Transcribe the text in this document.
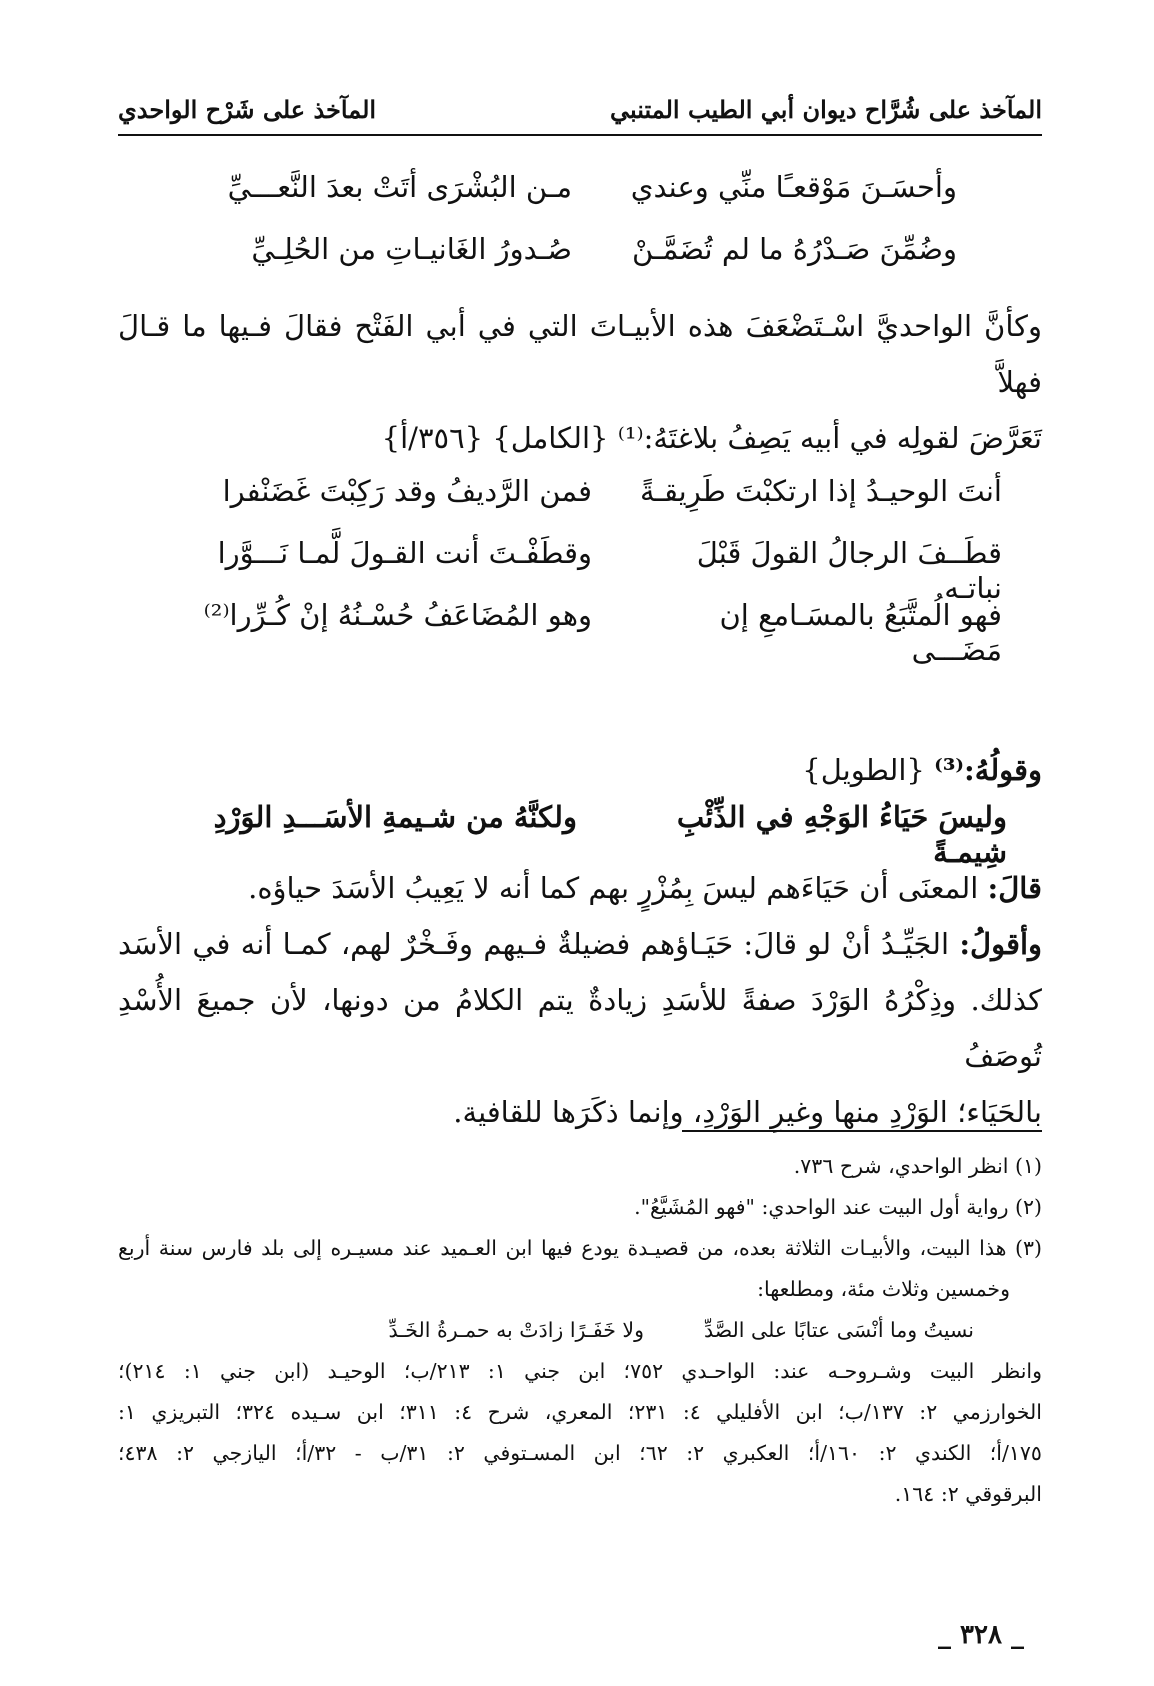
المآخذ على شُرَّاح ديوان أبي الطيب المتنبي
المآخذ على شَرْح الواحدي
وأحسَـنَ مَوْقعـًا منِّي وعندي
مـن البُشْرَى أتَتْ بعدَ النَّعـــيِّ
وضُمِّنَ صَـدْرُهُ ما لم تُضَمَّـنْ
صُـدورُ الغَانيـاتِ من الحُلِـيِّ

وكأنَّ الواحديَّ اسْـتَضْعَفَ هذه الأبيـاتَ التي في أبي الفَتْح فقالَ فـيها ما قـالَ فهلاَّ

تَعَرَّضَ لقولِه في أبيه يَصِفُ بلاغتَهُ:⁽¹⁾ {الكامل} {٣٥٦/أ}

أنتَ الوحيـدُ إذا ارتكبْتَ طَرِيقـةً
فمن الرَّديفُ وقد رَكِبْتَ غَضَنْفرا
قطَــفَ الرجالُ القولَ قَبْلَ نباتـه
وقطَفْـتَ أنت القـولَ لَّمـا نَـــوَّرا
فهو الُمتَّبَعُ بالمسَـامعِ إن مَضَـــى
وهو المُضَاعَفُ حُسْـنُهُ إنْ كُـرِّرا⁽²⁾
وقولُهُ:⁽³⁾ {الطويل}
وليسَ حَيَاءُ الوَجْهِ في الذِّئْبِ شِيمـةً
ولكنَّهُ من شـيمةِ الأسَـــدِ الوَرْدِ

قالَ: المعنَى أن حَيَاءَهم ليسَ بِمُزْرٍ بهم كما أنه لا يَعِيبُ الأسَدَ حياؤه.

وأقولُ: الجَيِّـدُ أنْ لو قالَ: حَيَـاؤهم فضيلةٌ فـيهم وفَـخْرٌ لهم، كمـا أنه في الأسَد

كذلك. وذِكْرُهُ الوَرْدَ صفةً للأسَدِ زيادةٌ يتم الكلامُ من دونها، لأن جميعَ الأُسْدِ تُوصَفُ

بالحَيَاء؛ الوَرْدِ منها وغيرِ الوَرْدِ، وإنما ذكَرَها للقافية.

(١) انظر الواحدي، شرح ٧٣٦.

(٢) رواية أول البيت عند الواحدي: "فهو المُشَيَّعُ".

(٣) هذا البيت، والأبيـات الثلاثة بعده، من قصيـدة يودع فيها ابن العـميد عند مسيـره إلى بلد فارس سنة أربع

وخمسين وثلاث مئة، ومطلعها:

نسيتُ وما أنْسَى عتابًا على الصَّدِّ
ولا خَفَـرًا زادَتْ به حمـرةُ الخَـدِّ

وانظر البيت وشـروحـه عند: الواحـدي ٧٥٢؛ ابن جني ١: ٢١٣/ب؛ الوحيـد (ابن جني ١: ٢١٤)؛

الخوارزمي ٢: ١٣٧/ب؛ ابن الأفليلي ٤: ٢٣١؛ المعري، شرح ٤: ٣١١؛ ابن سـيده ٣٢٤؛ التبريزي ١:

١٧٥/أ؛ الكندي ٢: ١٦٠/أ؛ العكبري ٢: ٦٢؛ ابن المسـتوفي ٢: ٣١/ب - ٣٢/أ؛ اليازجي ٢: ٤٣٨؛

البرقوقي ٢: ١٦٤.

_ ٣٢٨ _
